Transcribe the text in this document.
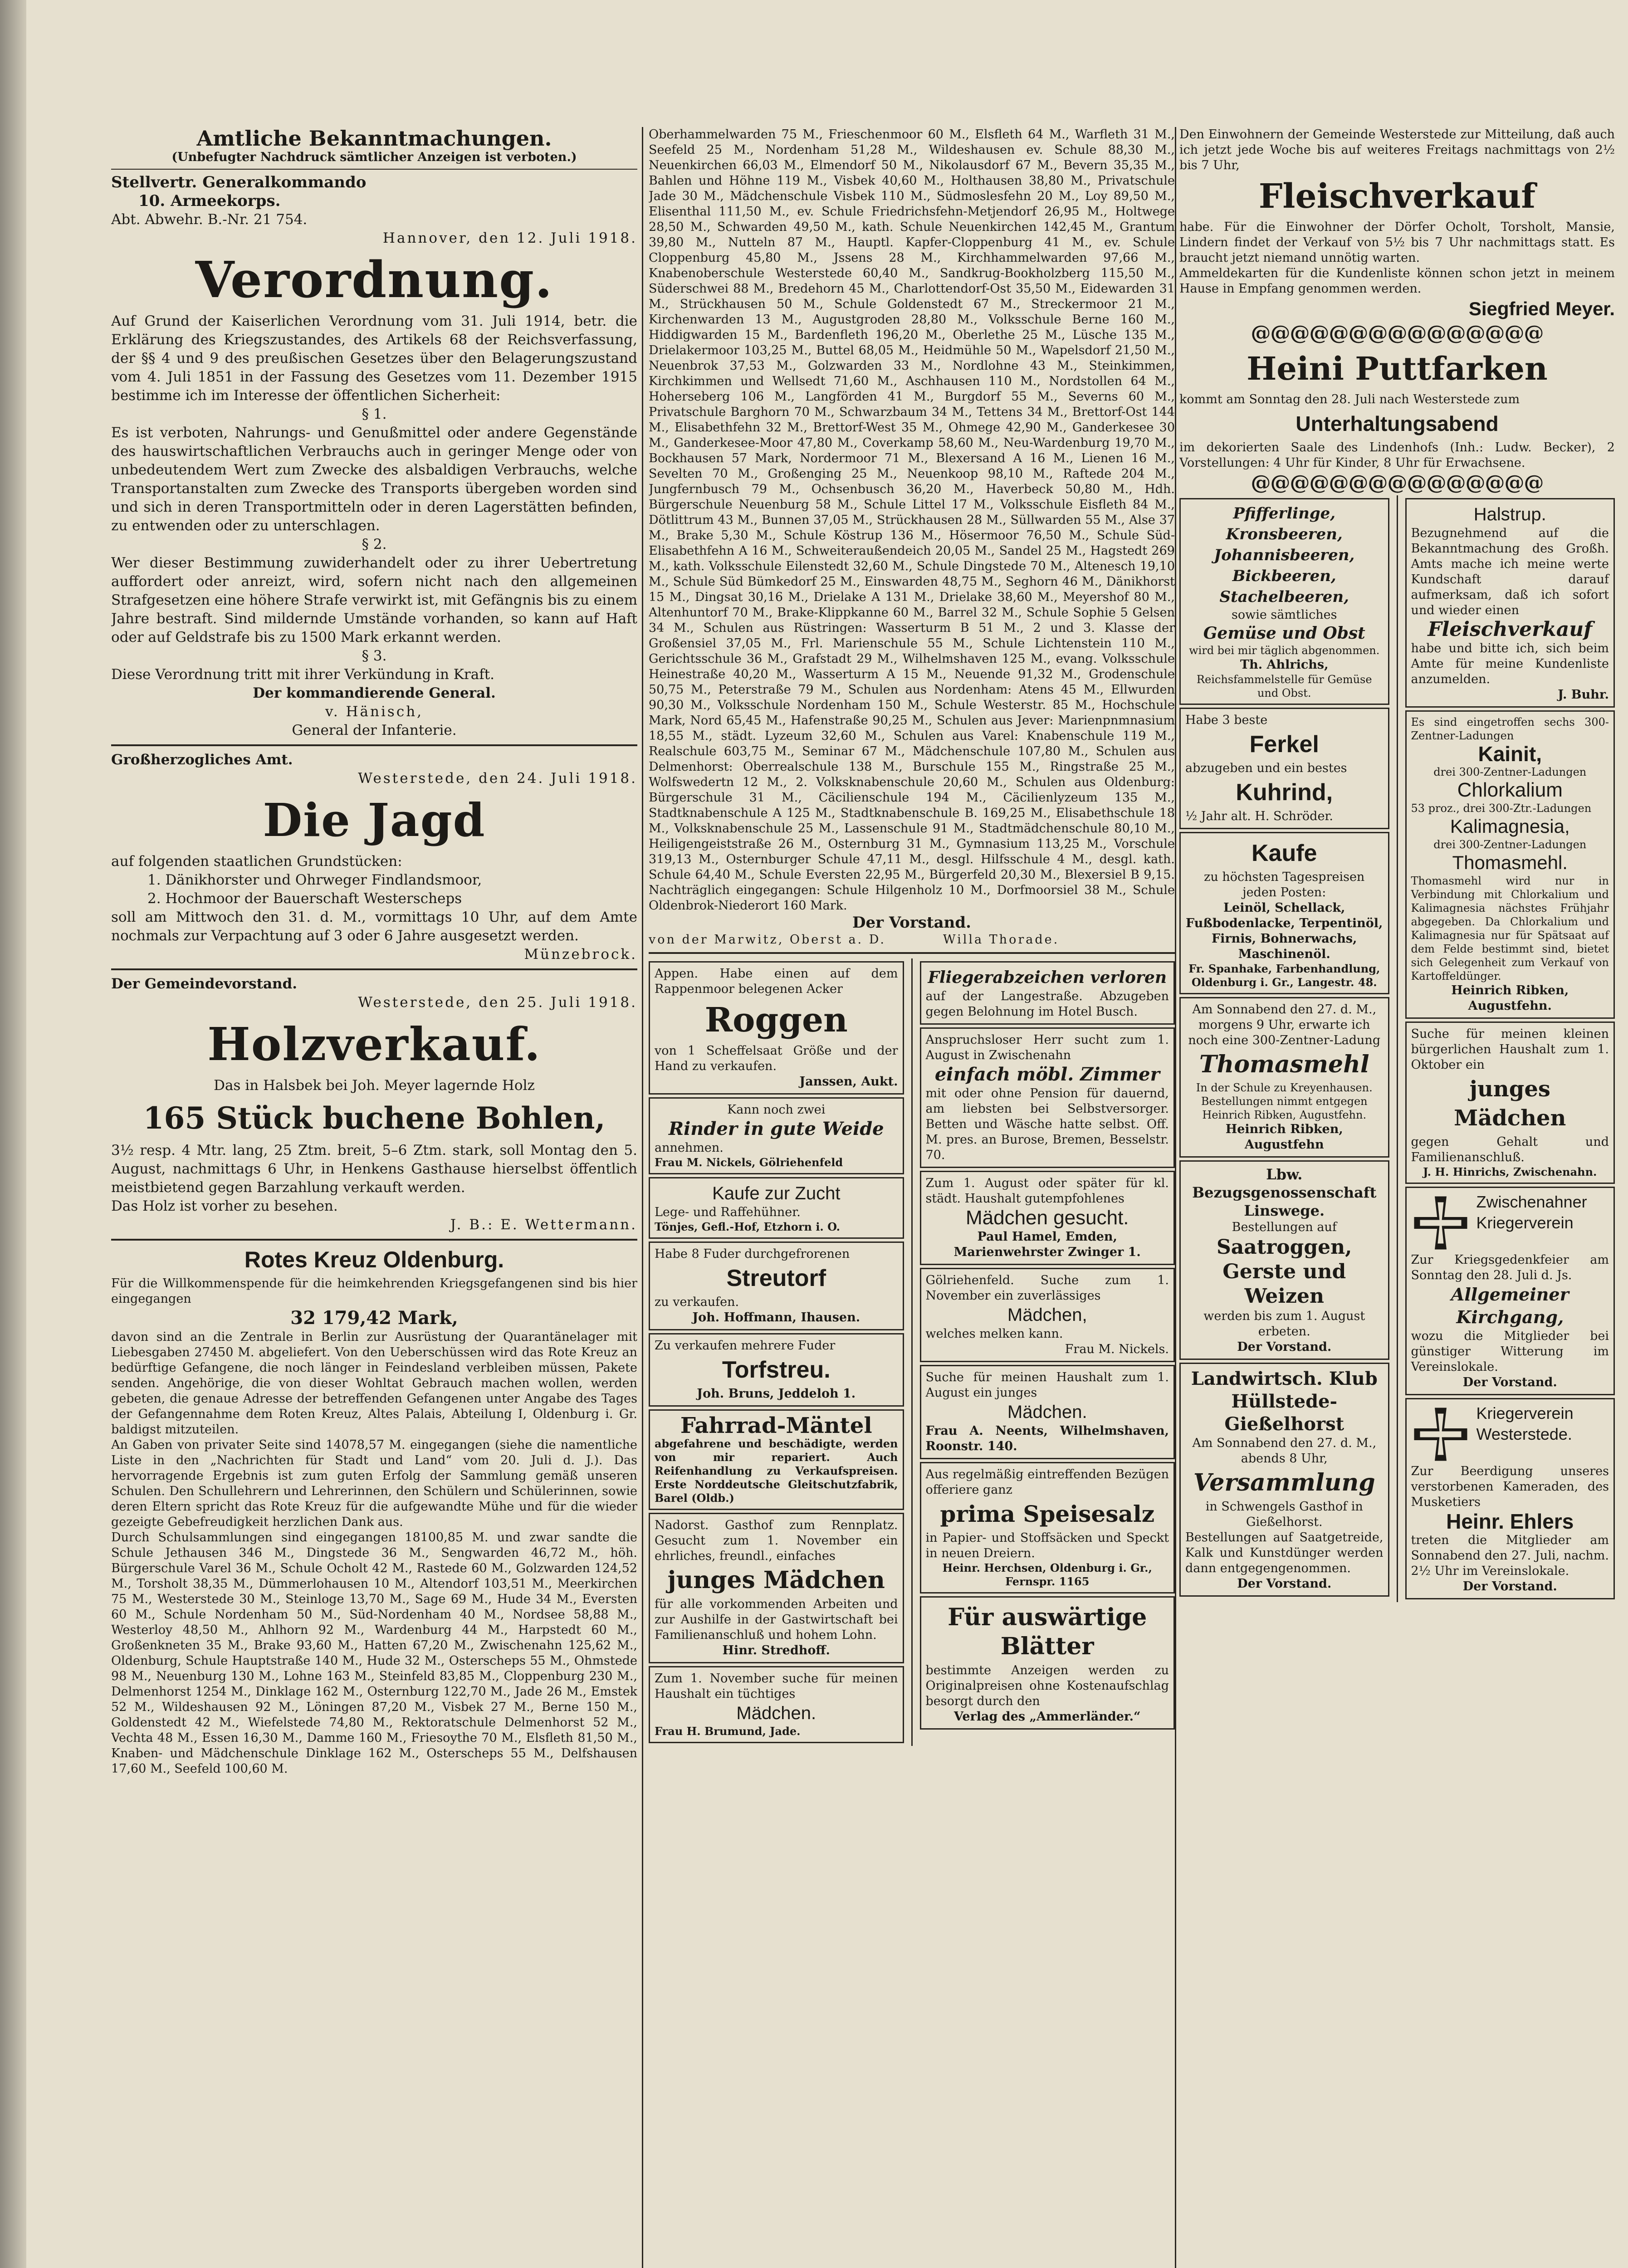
Amtliche Bekanntmachungen.

(Unbefugter Nachdruck sämtlicher Anzeigen ist verboten.)

Stellvertr. Generalkommando

10. Armeekorps.

Abt. Abwehr. B.-Nr. 21 754.

Hannover, den 12. Juli 1918.

Verordnung.

Auf Grund der Kaiserlichen Verordnung vom 31. Juli 1914, betr. die Erklärung des Kriegszustandes, des Artikels 68 der Reichsverfassung, der §§ 4 und 9 des preußischen Gesetzes über den Belagerungszustand vom 4. Juli 1851 in der Fassung des Gesetzes vom 11. Dezember 1915 bestimme ich im Interesse der öffentlichen Sicherheit:

§ 1.

Es ist verboten, Nahrungs- und Genußmittel oder andere Gegenstände des hauswirtschaftlichen Verbrauchs auch in geringer Menge oder von unbedeutendem Wert zum Zwecke des alsbaldigen Verbrauchs, welche Transportanstalten zum Zwecke des Transports übergeben worden sind und sich in deren Transportmitteln oder in deren Lagerstätten befinden, zu entwenden oder zu unterschlagen.

§ 2.

Wer dieser Bestimmung zuwiderhandelt oder zu ihrer Uebertretung auffordert oder anreizt, wird, sofern nicht nach den allgemeinen Strafgesetzen eine höhere Strafe verwirkt ist, mit Gefängnis bis zu einem Jahre bestraft. Sind mildernde Umstände vorhanden, so kann auf Haft oder auf Geldstrafe bis zu 1500 Mark erkannt werden.

§ 3.

Diese Verordnung tritt mit ihrer Verkündung in Kraft.

Der kommandierende General.

v. Hänisch,

General der Infanterie.

Großherzogliches Amt.

Westerstede, den 24. Juli 1918.

Die Jagd

auf folgenden staatlichen Grundstücken:

1. Dänikhorster und Ohrweger Findlandsmoor,

2. Hochmoor der Bauerschaft Westerscheps

soll am Mittwoch den 31. d. M., vormittags 10 Uhr, auf dem Amte nochmals zur Verpachtung auf 3 oder 6 Jahre ausgesetzt werden.

Münzebrock.

Der Gemeindevorstand.

Westerstede, den 25. Juli 1918.

Holzverkauf.

Das in Halsbek bei Joh. Meyer lagernde Holz

165 Stück buchene Bohlen,

3½ resp. 4 Mtr. lang, 25 Ztm. breit, 5–6 Ztm. stark, soll Montag den 5. August, nachmittags 6 Uhr, in Henkens Gasthause hierselbst öffentlich meistbietend gegen Barzahlung verkauft werden.

Das Holz ist vorher zu besehen.

J. B.: E. Wettermann.

Rotes Kreuz Oldenburg.

Für die Willkommenspende für die heimkehrenden Kriegsgefangenen sind bis hier eingegangen

32 179,42 Mark,

davon sind an die Zentrale in Berlin zur Ausrüstung der Quarantänelager mit Liebesgaben 27450 M. abgeliefert. Von den Ueberschüssen wird das Rote Kreuz an bedürftige Gefangene, die noch länger in Feindesland verbleiben müssen, Pakete senden. Angehörige, die von dieser Wohltat Gebrauch machen wollen, werden gebeten, die genaue Adresse der betreffenden Gefangenen unter Angabe des Tages der Gefangennahme dem Roten Kreuz, Altes Palais, Abteilung I, Oldenburg i. Gr. baldigst mitzuteilen.

An Gaben von privater Seite sind 14078,57 M. eingegangen (siehe die namentliche Liste in den „Nachrichten für Stadt und Land“ vom 20. Juli d. J.). Das hervorragende Ergebnis ist zum guten Erfolg der Sammlung gemäß unseren Schulen. Den Schullehrern und Lehrerinnen, den Schülern und Schülerinnen, sowie deren Eltern spricht das Rote Kreuz für die aufgewandte Mühe und für die wieder gezeigte Gebefreudigkeit herzlichen Dank aus.

Durch Schulsammlungen sind eingegangen 18100,85 M. und zwar sandte die Schule Jethausen 346 M., Dingstede 36 M., Sengwarden 46,72 M., höh. Bürgerschule Varel 36 M., Schule Ocholt 42 M., Rastede 60 M., Golzwarden 124,52 M., Torsholt 38,35 M., Dümmerlohausen 10 M., Altendorf 103,51 M., Meerkirchen 75 M., Westerstede 30 M., Steinloge 13,70 M., Sage 69 M., Hude 34 M., Eversten 60 M., Schule Nordenham 50 M., Süd-Nordenham 40 M., Nordsee 58,88 M., Westerloy 48,50 M., Ahlhorn 92 M., Wardenburg 44 M., Harpstedt 60 M., Großenkneten 35 M., Brake 93,60 M., Hatten 67,20 M., Zwischenahn 125,62 M., Oldenburg, Schule Hauptstraße 140 M., Hude 32 M., Osterscheps 55 M., Ohmstede 98 M., Neuenburg 130 M., Lohne 163 M., Steinfeld 83,85 M., Cloppenburg 230 M., Delmenhorst 1254 M., Dinklage 162 M., Osternburg 122,70 M., Jade 26 M., Emstek 52 M., Wildeshausen 92 M., Löningen 87,20 M., Visbek 27 M., Berne 150 M., Goldenstedt 42 M., Wiefelstede 74,80 M., Rektoratschule Delmenhorst 52 M., Vechta 48 M., Essen 16,30 M., Damme 160 M., Friesoythe 70 M., Elsfleth 81,50 M., Knaben- und Mädchenschule Dinklage 162 M., Osterscheps 55 M., Delfshausen 17,60 M., Seefeld 100,60 M.

Oberhammelwarden 75 M., Frieschenmoor 60 M., Elsfleth 64 M., Warfleth 31 M., Seefeld 25 M., Nordenham 51,28 M., Wildeshausen ev. Schule 88,30 M., Neuenkirchen 66,03 M., Elmendorf 50 M., Nikolausdorf 67 M., Bevern 35,35 M., Bahlen und Höhne 119 M., Visbek 40,60 M., Holthausen 38,80 M., Privatschule Jade 30 M., Mädchenschule Visbek 110 M., Südmoslesfehn 20 M., Loy 89,50 M., Elisenthal 111,50 M., ev. Schule Friedrichsfehn-Metjendorf 26,95 M., Holtwege 28,50 M., Schwarden 49,50 M., kath. Schule Neuenkirchen 142,45 M., Grantum 39,80 M., Nutteln 87 M., Hauptl. Kapfer-Cloppenburg 41 M., ev. Schule Cloppenburg 45,80 M., Jssens 28 M., Kirchhammelwarden 97,66 M., Knabenoberschule Westerstede 60,40 M., Sandkrug-Bookholzberg 115,50 M., Süderschwei 88 M., Bredehorn 45 M., Charlottendorf-Ost 35,50 M., Eidewarden 31 M., Strückhausen 50 M., Schule Goldenstedt 67 M., Streckermoor 21 M., Kirchenwarden 13 M., Augustgroden 28,80 M., Volksschule Berne 160 M., Hiddigwarden 15 M., Bardenfleth 196,20 M., Oberlethe 25 M., Lüsche 135 M., Drielakermoor 103,25 M., Buttel 68,05 M., Heidmühle 50 M., Wapelsdorf 21,50 M., Neuenbrok 37,53 M., Golzwarden 33 M., Nordlohne 43 M., Steinkimmen, Kirchkimmen und Wellsedt 71,60 M., Aschhausen 110 M., Nordstollen 64 M., Hoherseberg 106 M., Langförden 41 M., Burgdorf 55 M., Severns 60 M., Privatschule Barghorn 70 M., Schwarzbaum 34 M., Tettens 34 M., Brettorf-Ost 144 M., Elisabethfehn 32 M., Brettorf-West 35 M., Ohmege 42,90 M., Ganderkesee 30 M., Ganderkesee-Moor 47,80 M., Coverkamp 58,60 M., Neu-Wardenburg 19,70 M., Bockhausen 57 Mark, Nordermoor 71 M., Blexersand A 16 M., Lienen 16 M., Sevelten 70 M., Großenging 25 M., Neuenkoop 98,10 M., Raftede 204 M., Jungfernbusch 79 M., Ochsenbusch 36,20 M., Haverbeck 50,80 M., Hdh. Bürgerschule Neuenburg 58 M., Schule Littel 17 M., Volksschule Eisfleth 84 M., Dötlittrum 43 M., Bunnen 37,05 M., Strückhausen 28 M., Süllwarden 55 M., Alse 37 M., Brake 5,30 M., Schule Köstrup 136 M., Hösermoor 76,50 M., Schule Süd-Elisabethfehn A 16 M., Schweiteraußendeich 20,05 M., Sandel 25 M., Hagstedt 269 M., kath. Volksschule Eilenstedt 32,60 M., Schule Dingstede 70 M., Altenesch 19,10 M., Schule Süd Bümkedorf 25 M., Einswarden 48,75 M., Seghorn 46 M., Dänikhorst 15 M., Dingsat 30,16 M., Drielake A 131 M., Drielake 38,60 M., Meyershof 80 M., Altenhuntorf 70 M., Brake-Klippkanne 60 M., Barrel 32 M., Schule Sophie 5 Gelsen 34 M., Schulen aus Rüstringen: Wasserturm B 51 M., 2 und 3. Klasse der Großensiel 37,05 M., Frl. Marienschule 55 M., Schule Lichtenstein 110 M., Gerichtsschule 36 M., Grafstadt 29 M., Wilhelmshaven 125 M., evang. Volksschule Heinestraße 40,20 M., Wasserturm A 15 M., Neuende 91,32 M., Grodenschule 50,75 M., Peterstraße 79 M., Schulen aus Nordenham: Atens 45 M., Ellwurden 90,30 M., Volksschule Nordenham 150 M., Schule Westerstr. 85 M., Hochschule Mark, Nord 65,45 M., Hafenstraße 90,25 M., Schulen aus Jever: Marienpnmnasium 18,55 M., städt. Lyzeum 32,60 M., Schulen aus Varel: Knabenschule 119 M., Realschule 603,75 M., Seminar 67 M., Mädchenschule 107,80 M., Schulen aus Delmenhorst: Oberrealschule 138 M., Burschule 155 M., Ringstraße 25 M., Wolfswedertn 12 M., 2. Volksknabenschule 20,60 M., Schulen aus Oldenburg: Bürgerschule 31 M., Cäcilienschule 194 M., Cäcilienlyzeum 135 M., Stadtknabenschule A 125 M., Stadtknabenschule B. 169,25 M., Elisabethschule 18 M., Volksknabenschule 25 M., Lassenschule 91 M., Stadtmädchenschule 80,10 M., Heiligengeiststraße 26 M., Osternburg 31 M., Gymnasium 113,25 M., Vorschule 319,13 M., Osternburger Schule 47,11 M., desgl. Hilfsschule 4 M., desgl. kath. Schule 64,40 M., Schule Eversten 22,95 M., Bürgerfeld 20,30 M., Blexersiel B 9,15. Nachträglich eingegangen: Schule Hilgenholz 10 M., Dorfmoorsiel 38 M., Schule Oldenbrok-Niederort 160 Mark.

Der Vorstand.

von der Marwitz, Oberst a. D.          Willa Thorade.

Appen. Habe einen auf dem Rappenmoor belegenen Acker

Roggen

von 1 Scheffelsaat Größe und der Hand zu verkaufen.

Janssen, Aukt.

Kann noch zwei

Rinder in gute Weide

annehmen.

Frau M. Nickels, Gölriehenfeld

Kaufe zur Zucht

Lege- und Raffehühner.

Tönjes, Gefl.-Hof, Etzhorn i. O.

Habe 8 Fuder durchgefrorenen

Streutorf

zu verkaufen.

Joh. Hoffmann, Ihausen.

Zu verkaufen mehrere Fuder

Torfstreu.

Joh. Bruns, Jeddeloh 1.

Fahrrad-Mäntel

abgefahrene und beschädigte, werden von mir repariert. Auch Reifenhandlung zu Verkaufspreisen. Erste Norddeutsche Gleitschutzfabrik, Barel (Oldb.)

Nadorst. Gasthof zum Rennplatz. Gesucht zum 1. November ein ehrliches, freundl., einfaches

junges Mädchen

für alle vorkommenden Arbeiten und zur Aushilfe in der Gastwirtschaft bei Familienanschluß und hohem Lohn.

Hinr. Stredhoff.

Zum 1. November suche für meinen Haushalt ein tüchtiges

Mädchen.

Frau H. Brumund, Jade.

Fliegerabzeichen verloren

auf der Langestraße. Abzugeben gegen Belohnung im Hotel Busch.

Anspruchsloser Herr sucht zum 1. August in Zwischenahn

einfach möbl. Zimmer

mit oder ohne Pension für dauernd, am liebsten bei Selbstversorger. Betten und Wäsche hatte selbst. Off. M. pres. an Burose, Bremen, Besselstr. 70.

Zum 1. August oder später für kl. städt. Haushalt gutempfohlenes

Mädchen gesucht.

Paul Hamel, Emden, Marienwehrster Zwinger 1.

Gölriehenfeld. Suche zum 1. November ein zuverlässiges

Mädchen,

welches melken kann.

Frau M. Nickels.

Suche für meinen Haushalt zum 1. August ein junges

Mädchen.

Frau A. Neents, Wilhelmshaven, Roonstr. 140.

Aus regelmäßig eintreffenden Bezügen offeriere ganz

prima Speisesalz

in Papier- und Stoffsäcken und Speckt in neuen Dreiern.

Heinr. Herchsen, Oldenburg i. Gr., Fernspr. 1165

Für auswärtige Blätter

bestimmte Anzeigen werden zu Originalpreisen ohne Kostenaufschlag besorgt durch den

Verlag des „Ammerländer.“

Den Einwohnern der Gemeinde Westerstede zur Mitteilung, daß auch ich jetzt jede Woche bis auf weiteres Freitags nachmittags von 2½ bis 7 Uhr,

Fleischverkauf

habe. Für die Einwohner der Dörfer Ocholt, Torsholt, Mansie, Lindern findet der Verkauf von 5½ bis 7 Uhr nachmittags statt. Es braucht jetzt niemand unnötig warten.

Ammeldekarten für die Kundenliste können schon jetzt in meinem Hause in Empfang genommen werden.

Siegfried Meyer.

@@@@@@@@@@@@@@@
Heini Puttfarken

kommt am Sonntag den 28. Juli nach Westerstede zum

Unterhaltungsabend

im dekorierten Saale des Lindenhofs (Inh.: Ludw. Becker), 2 Vorstellungen: 4 Uhr für Kinder, 8 Uhr für Erwachsene.

@@@@@@@@@@@@@@@

Pfifferlinge, Kronsbeeren, Johannisbeeren, Bickbeeren, Stachelbeeren,

sowie sämtliches

Gemüse und Obst

wird bei mir täglich abgenommen.

Th. Ahlrichs,

Reichsfammelstelle für Gemüse und Obst.

Habe 3 beste

Ferkel

abzugeben und ein bestes

Kuhrind,

½ Jahr alt. H. Schröder.

Kaufe

zu höchsten Tagespreisen jeden Posten:

Leinöl, Schellack, Fußbodenlacke, Terpentinöl, Firnis, Bohnerwachs, Maschinenöl.

Fr. Spanhake, Farbenhandlung, Oldenburg i. Gr., Langestr. 48.

Am Sonnabend den 27. d. M., morgens 9 Uhr, erwarte ich noch eine 300-Zentner-Ladung

Thomasmehl

In der Schule zu Kreyenhausen. Bestellungen nimmt entgegen Heinrich Ribken, Augustfehn.

Heinrich Ribken, Augustfehn

Lbw. Bezugsgenossenschaft Linswege.

Bestellungen auf

Saatroggen, Gerste und Weizen

werden bis zum 1. August erbeten.

Der Vorstand.

Landwirtsch. Klub Hüllstede-Gießelhorst

Am Sonnabend den 27. d. M., abends 8 Uhr,

Versammlung

in Schwengels Gasthof in Gießelhorst.

Bestellungen auf Saatgetreide, Kalk und Kunstdünger werden dann entgegengenommen.

Der Vorstand.

Halstrup.

Bezugnehmend auf die Bekanntmachung des Großh. Amts mache ich meine werte Kundschaft darauf aufmerksam, daß ich sofort und wieder einen

Fleischverkauf

habe und bitte ich, sich beim Amte für meine Kundenliste anzumelden.

J. Buhr.

Es sind eingetroffen sechs 300-Zentner-Ladungen

Kainit,

drei 300-Zentner-Ladungen

Chlorkalium

53 proz., drei 300-Ztr.-Ladungen

Kalimagnesia,

drei 300-Zentner-Ladungen

Thomasmehl.

Thomasmehl wird nur in Verbindung mit Chlorkalium und Kalimagnesia nächstes Frühjahr abgegeben. Da Chlorkalium und Kalimagnesia nur für Spätsaat auf dem Felde bestimmt sind, bietet sich Gelegenheit zum Verkauf von Kartoffeldünger.

Heinrich Ribken, Augustfehn.

Suche für meinen kleinen bürgerlichen Haushalt zum 1. Oktober ein

junges Mädchen

gegen Gehalt und Familienanschluß.

J. H. Hinrichs, Zwischenahn.

Zwischenahner Kriegerverein

Zur Kriegsgedenkfeier am Sonntag den 28. Juli d. Js.

Allgemeiner Kirchgang,

wozu die Mitglieder bei günstiger Witterung im Vereinslokale.

Der Vorstand.

Kriegerverein Westerstede.

Zur Beerdigung unseres verstorbenen Kameraden, des Musketiers

Heinr. Ehlers

treten die Mitglieder am Sonnabend den 27. Juli, nachm. 2½ Uhr im Vereinslokale.

Der Vorstand.
